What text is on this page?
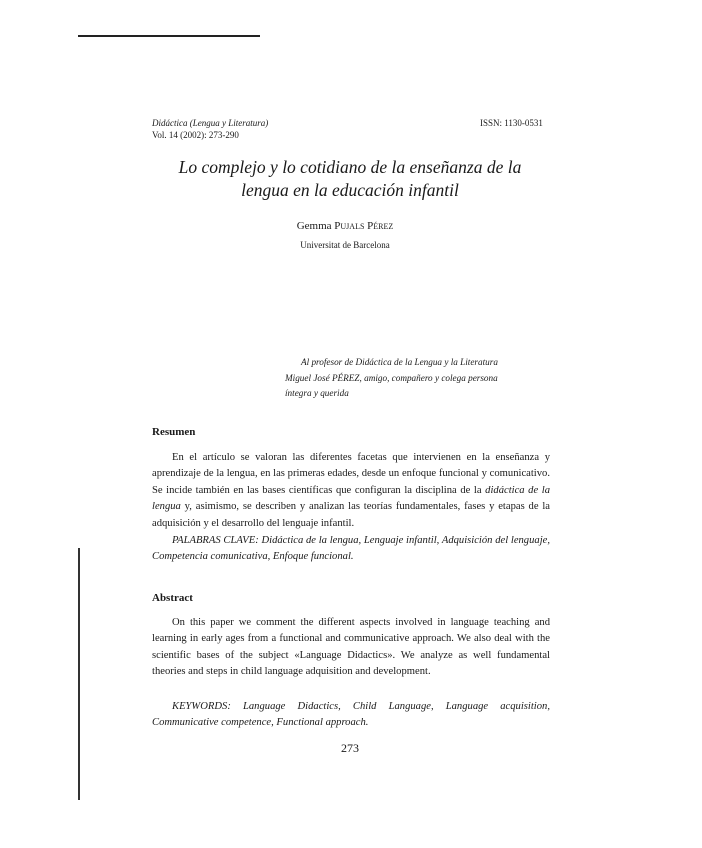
Didáctica (Lengua y Literatura)
Vol. 14 (2002): 273-290
ISSN: 1130-0531
Lo complejo y lo cotidiano de la enseñanza de la
lengua en la educación infantil
Gemma Pujals Pérez
Universitat de Barcelona
Al profesor de Didáctica de la Lengua y la Literatura
Miguel José PÉREZ, amigo, compañero y colega persona
íntegra y querida
Resumen
En el artículo se valoran las diferentes facetas que intervienen en la enseñanza y aprendizaje de la lengua, en las primeras edades, desde un enfoque funcional y comunicativo. Se incide también en las bases científicas que configuran la disciplina de la didáctica de la lengua y, asimismo, se describen y analizan las teorías fundamentales, fases y etapas de la adquisición y el desarrollo del lenguaje infantil.
PALABRAS CLAVE: Didáctica de la lengua, Lenguaje infantil, Adquisición del lenguaje, Competencia comunicativa, Enfoque funcional.
Abstract
On this paper we comment the different aspects involved in language teaching and learning in early ages from a functional and communicative approach. We also deal with the scientific bases of the subject «Language Didactics». We analyze as well fundamental theories and steps in child language adquisition and development.
KEYWORDS: Language Didactics, Child Language, Language acquisition, Communicative competence, Functional approach.
273
